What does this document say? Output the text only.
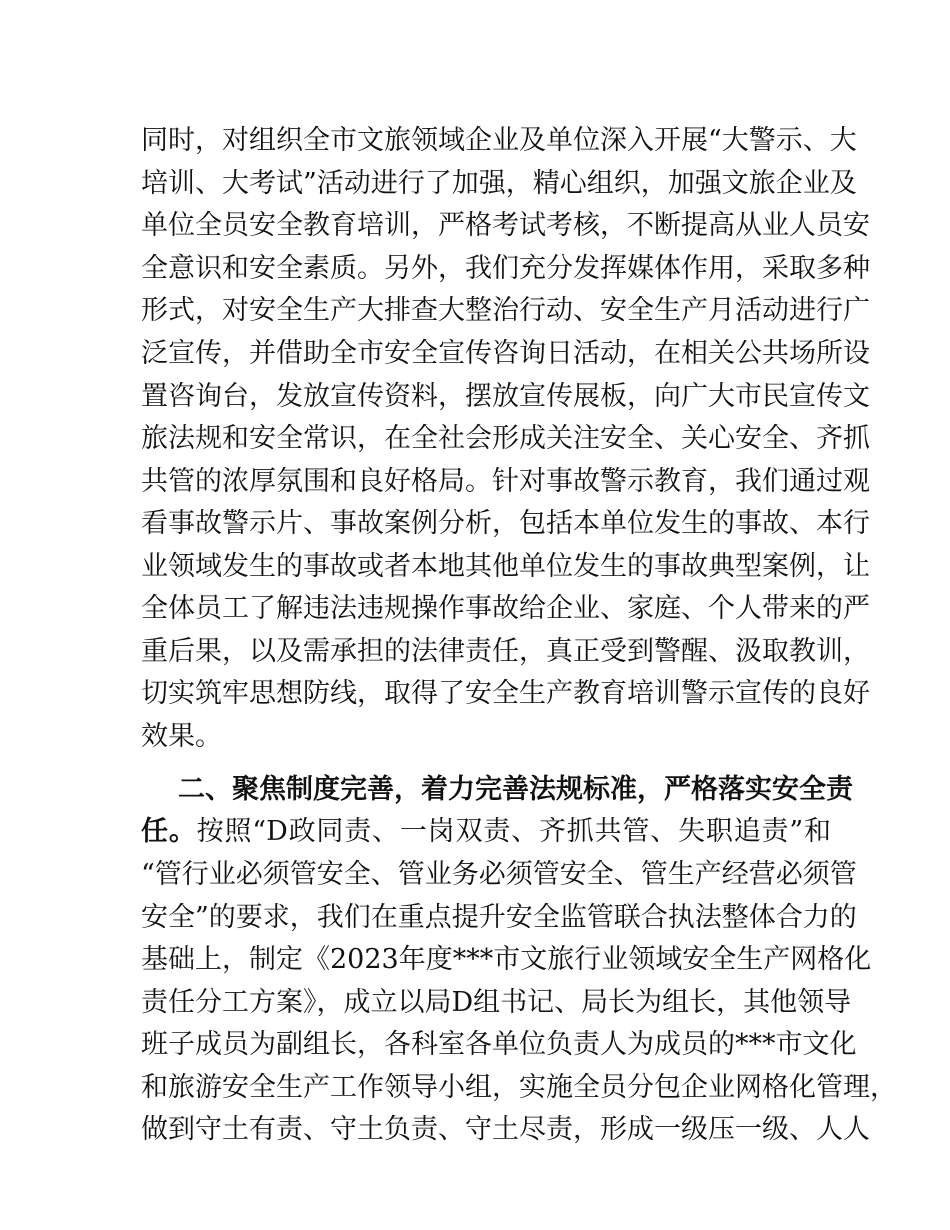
同时，对组织全市文旅领域企业及单位深入开展“大警示、大
培训、大考试”活动进行了加强，精心组织，加强文旅企业及
单位全员安全教育培训，严格考试考核，不断提高从业人员安
全意识和安全素质。另外，我们充分发挥媒体作用，采取多种
形式，对安全生产大排查大整治行动、安全生产月活动进行广
泛宣传，并借助全市安全宣传咨询日活动，在相关公共场所设
置咨询台，发放宣传资料，摆放宣传展板，向广大市民宣传文
旅法规和安全常识，在全社会形成关注安全、关心安全、齐抓
共管的浓厚氛围和良好格局。针对事故警示教育，我们通过观
看事故警示片、事故案例分析，包括本单位发生的事故、本行
业领域发生的事故或者本地其他单位发生的事故典型案例，让
全体员工了解违法违规操作事故给企业、家庭、个人带来的严
重后果，以及需承担的法律责任，真正受到警醒、汲取教训，
切实筑牢思想防线，取得了安全生产教育培训警示宣传的良好
效果。
二、聚焦制度完善，着力完善法规标准，严格落实安全责
任。按照“D政同责、一岗双责、齐抓共管、失职追责”和
“管行业必须管安全、管业务必须管安全、管生产经营必须管
安全”的要求，我们在重点提升安全监管联合执法整体合力的
基础上，制定《2023年度***市文旅行业领域安全生产网格化
责任分工方案》，成立以局D组书记、局长为组长，其他领导
班子成员为副组长，各科室各单位负责人为成员的***市文化
和旅游安全生产工作领导小组，实施全员分包企业网格化管理，
做到守土有责、守土负责、守土尽责，形成一级压一级、人人
